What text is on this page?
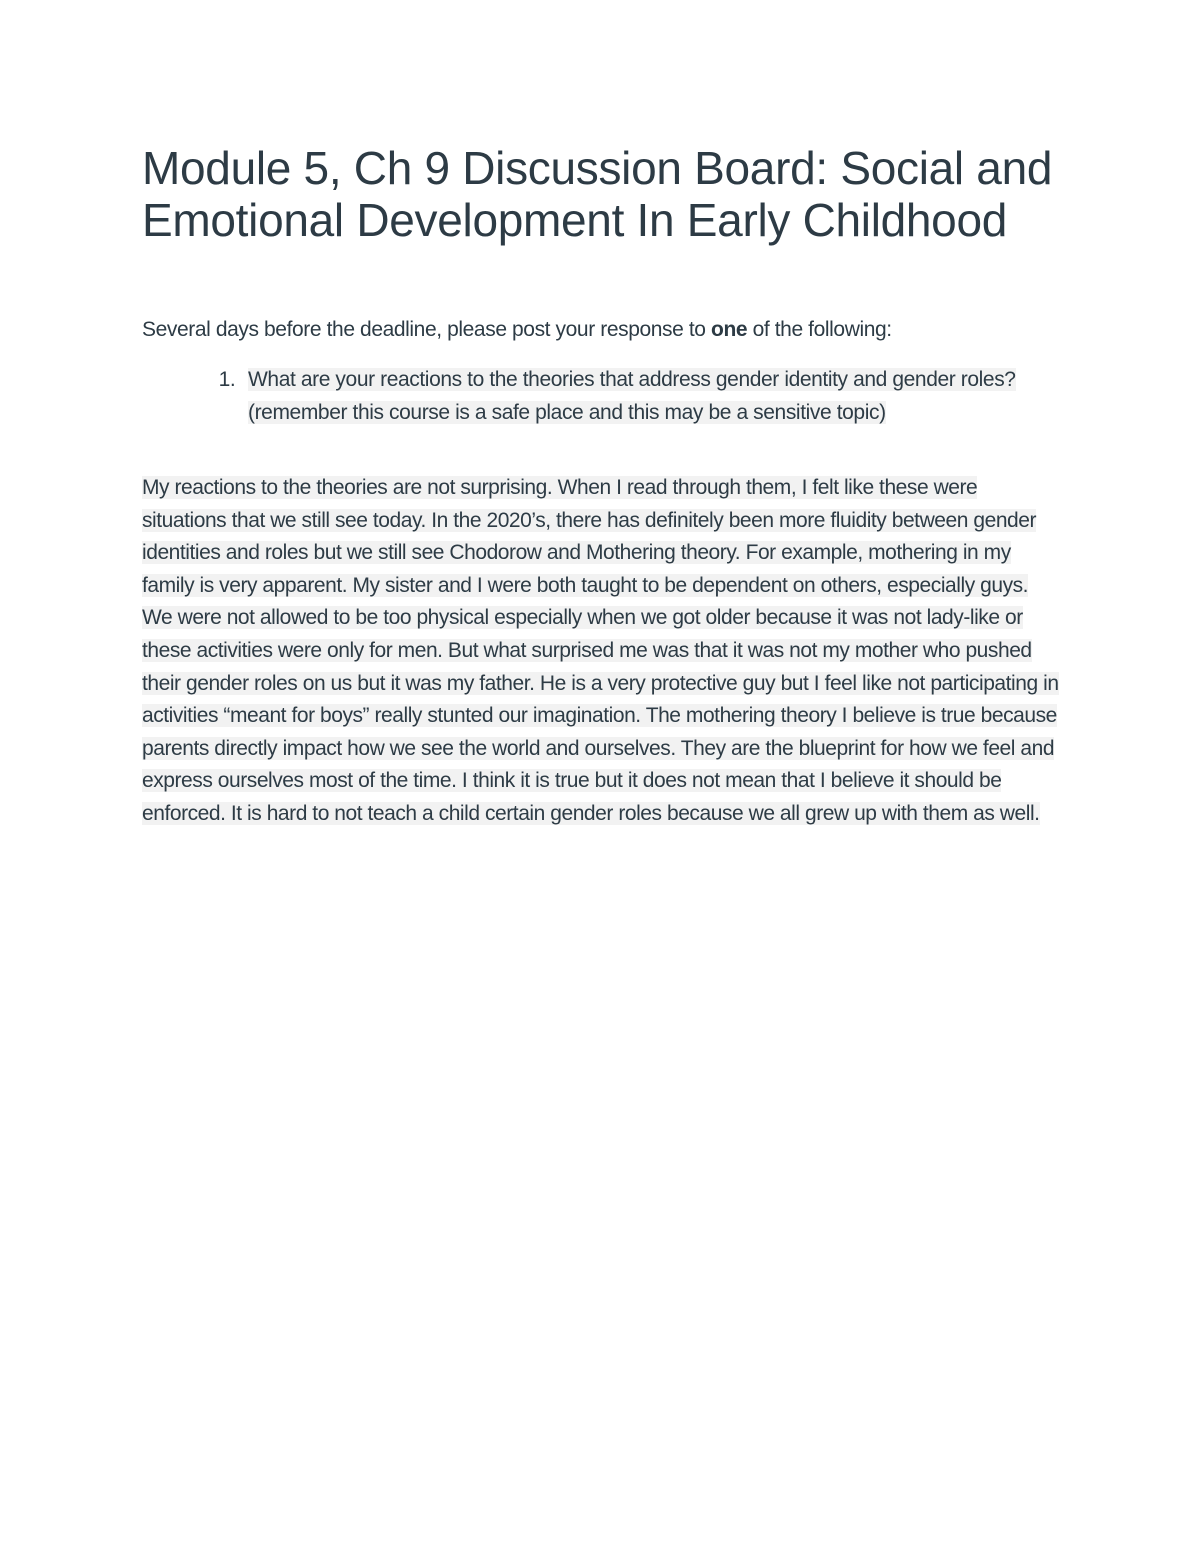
Module 5, Ch 9 Discussion Board: Social and Emotional Development In Early Childhood

Several days before the deadline, please post your response to one of the following:

1. What are your reactions to the theories that address gender identity and gender roles? (remember this course is a safe place and this may be a sensitive topic)

My reactions to the theories are not surprising. When I read through them, I felt like these were situations that we still see today. In the 2020’s, there has definitely been more fluidity between gender identities and roles but we still see Chodorow and Mothering theory. For example, mothering in my family is very apparent. My sister and I were both taught to be dependent on others, especially guys. We were not allowed to be too physical especially when we got older because it was not lady-like or these activities were only for men. But what surprised me was that it was not my mother who pushed their gender roles on us but it was my father. He is a very protective guy but I feel like not participating in activities “meant for boys” really stunted our imagination. The mothering theory I believe is true because parents directly impact how we see the world and ourselves. They are the blueprint for how we feel and express ourselves most of the time. I think it is true but it does not mean that I believe it should be enforced. It is hard to not teach a child certain gender roles because we all grew up with them as well.
